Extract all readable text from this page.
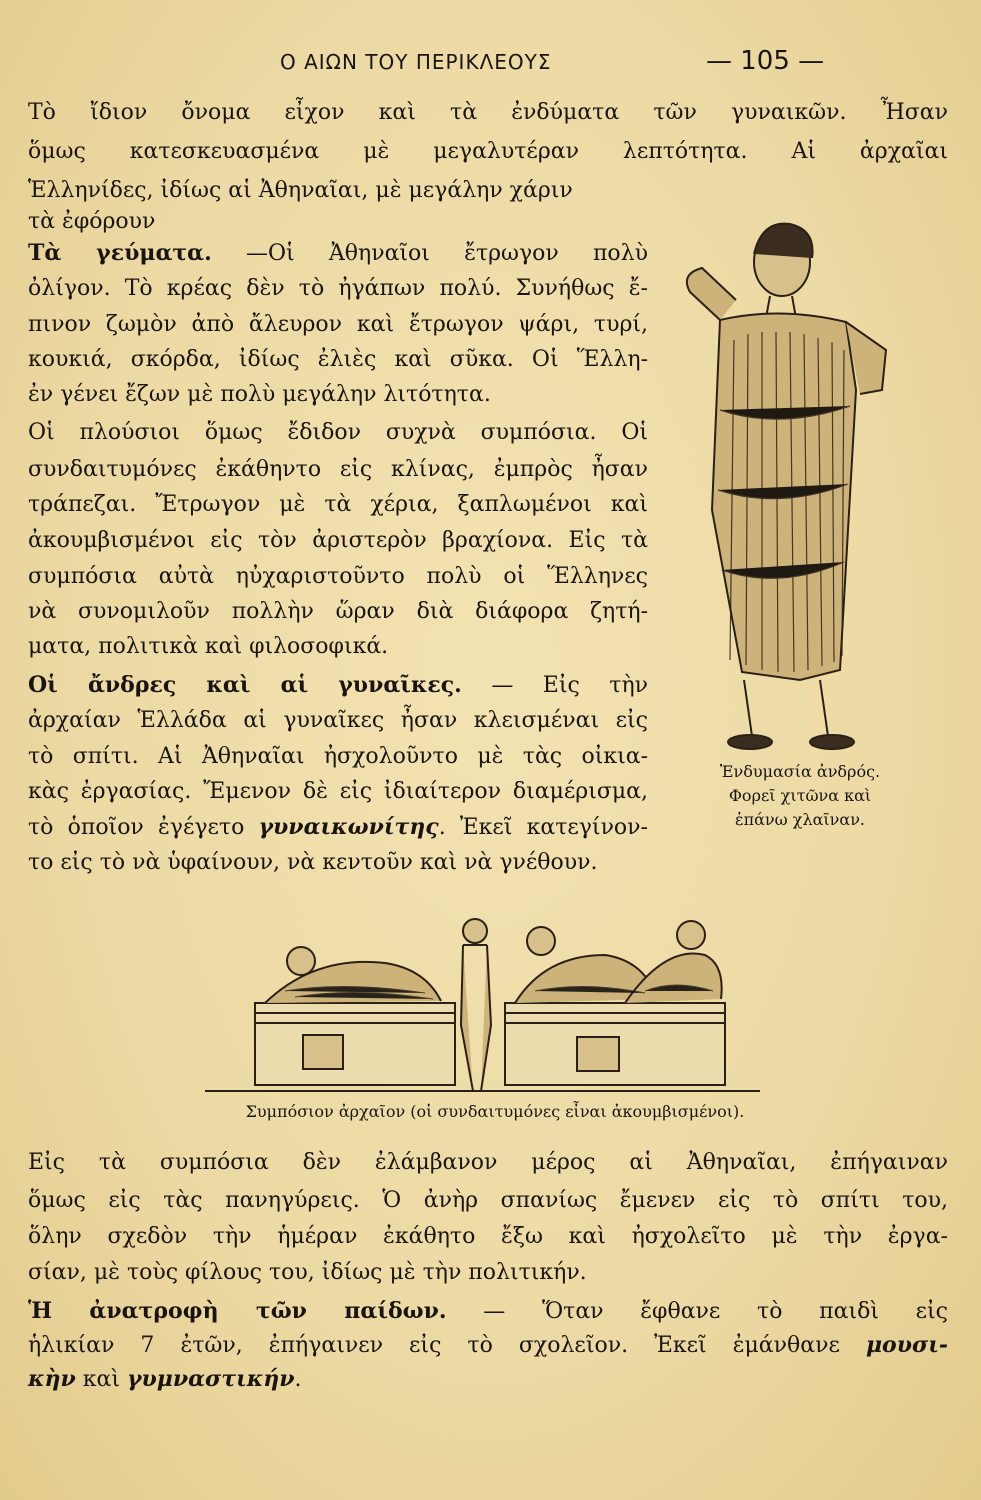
Ο ΑΙΩΝ ΤΟΥ ΠΕΡΙΚΛΕΟΥΣ	— 105 —
Τὸ ἴδιον ὄνομα εἶχον καὶ τὰ ἐνδύματα τῶν γυναικῶν. Ἦσαν
ὅμως κατεσκευασμένα μὲ μεγαλυτέραν λεπτότητα. Αἱ ἀρχαῖαι
Ἑλληνίδες, ἰδίως αἱ Ἀθηναῖαι, μὲ μεγάλην χάριν
τὰ ἐφόρουν
Τὰ γεύματα. —Οἱ Ἀθηναῖοι ἔτρωγον πολὺ
ὀλίγον. Τὸ κρέας δὲν τὸ ἠγάπων πολύ. Συνήθως ἔ-
πινον ζωμὸν ἀπὸ ἄλευρον καὶ ἔτρωγον ψάρι, τυρί,
κουκιά, σκόρδα, ἰδίως ἐλιὲς καὶ σῦκα. Οἱ Ἕλλη-
ἐν γένει ἔζων μὲ πολὺ μεγάλην λιτότητα.
Οἱ πλούσιοι ὅμως ἔδιδον συχνὰ συμπόσια. Οἱ
συνδαιτυμόνες ἐκάθηντο εἰς κλίνας, ἐμπρὸς ἦσαν
τράπεζαι. Ἔτρωγον μὲ τὰ χέρια, ξαπλωμένοι καὶ
ἀκουμβισμένοι εἰς τὸν ἀριστερὸν βραχίονα. Εἰς τὰ
συμπόσια αὐτὰ ηὐχαριστοῦντο πολὺ οἱ Ἕλληνες
νὰ συνομιλοῦν πολλὴν ὥραν διὰ διάφορα ζητή-
ματα, πολιτικὰ καὶ φιλοσοφικά.
Οἱ ἄνδρες καὶ αἱ γυναῖκες. — Εἰς τὴν
ἀρχαίαν Ἑλλάδα αἱ γυναῖκες ἦσαν κλεισμέναι εἰς
τὸ σπίτι. Αἱ Ἀθηναῖαι ἠσχολοῦντο μὲ τὰς οἰκια-
κὰς ἐργασίας. Ἔμενον δὲ εἰς ἰδιαίτερον διαμέρισμα,
τὸ ὁποῖον ἐγέγετο γυναικωνίτης. Ἐκεῖ κατεγίνον-
το εἰς τὸ νὰ ὑφαίνουν, νὰ κεντοῦν καὶ νὰ γνέθουν.
Ἐνδυμασία ἀνδρός.
Φορεῖ χιτῶνα καὶ
ἐπάνω χλαῖναν.
Συμπόσιον ἀρχαῖον (οἱ συνδαιτυμόνες εἶναι ἀκουμβισμένοι).
Εἰς τὰ συμπόσια δὲν ἐλάμβανον μέρος αἱ Ἀθηναῖαι, ἐπήγαιναν
ὅμως εἰς τὰς πανηγύρεις. Ὁ ἀνὴρ σπανίως ἔμενεν εἰς τὸ σπίτι του,
ὅλην σχεδὸν τὴν ἡμέραν ἐκάθητο ἔξω καὶ ἠσχολεῖτο μὲ τὴν ἐργα-
σίαν, μὲ τοὺς φίλους του, ἰδίως μὲ τὴν πολιτικήν.
Ἡ ἀνατροφὴ τῶν παίδων. — Ὅταν ἔφθανε τὸ παιδὶ εἰς
ἡλικίαν 7 ἐτῶν, ἐπήγαινεν εἰς τὸ σχολεῖον. Ἐκεῖ ἐμάνθανε μουσι-
κὴν καὶ γυμναστικήν.
